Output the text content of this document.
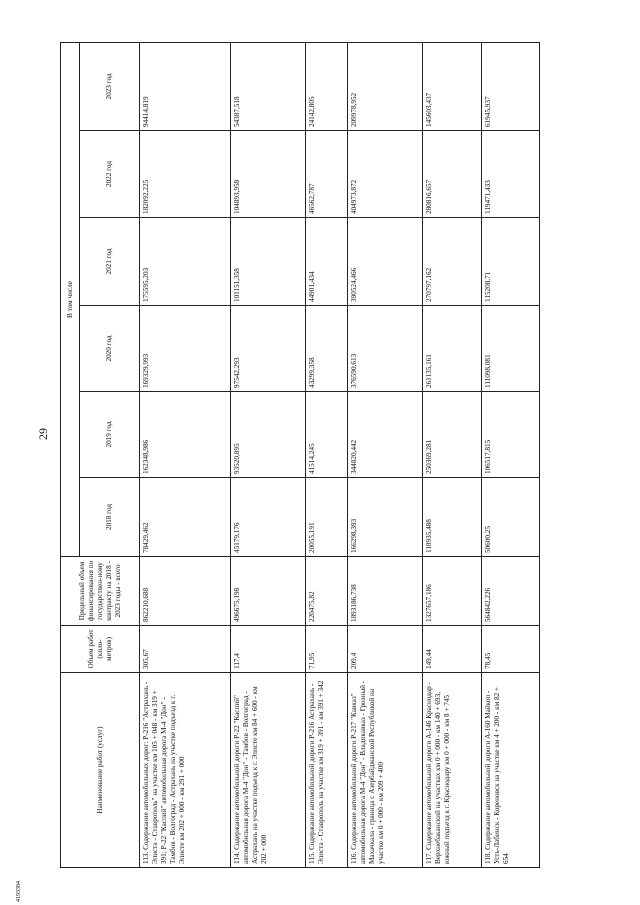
29
4193384
Наименование работ (услуг)	Объем работ (кило-метров)	Предельный объем финансирования по государствен-ному контракту на 2018 - 2023 годы - всего	В том числе					
			2018 год	2019 год	2020 год	2021 год	2022 год	2023 год
113. Содержание автомобильных дорог: Р-216 "Астрахань - Элиста - Ставрополь" на участке км 105 + 048 - км 319 + 391; Р-22 "Каспий" автомобильная дорога М-4 "Дон" - Тамбов - Волгоград - Астрахань на участке подъезд к г. Элисте км 202 + 000 - км 291 + 000	305,67	862210,688	78429,462	162348,986	169329,993	175595,203	182092,225	94414,819
114. Содержание автомобильной дороги Р-22 "Каспий" автомобильная дорога М-4 "Дон" - Тамбов - Волгоград - Астрахань на участке подъезд к г. Элисте км 84 + 600 - км 202 + 000	117,4	496675,198	45179,176	93520,895	97542,293	101151,358	104893,958	54387,518
115. Содержание автомобильной дороги Р-216 Астрахань - Элиста - Ставрополь на участке км 319 + 391 - км 391 + 342	71,95	220475,82	20055,191	41514,245	43299,358	44901,434	46562,787	24142,805
116. Содержание автомобильной дороги Р-217 "Кавказ" автомобильная дорога М-4 "Дон" - Владикавказ - Грозный - Махачкала - граница с Азербайджанской Республикой на участке км 0 + 000 - км 209 + 400	209,4	1893186,738	166298,393	344820,442	376590,613	390524,466	404973,872	209978,952
117. Содержание автомобильной дороги А-146 Краснодар - Верхнебаканский на участках км 0 + 000 - км 140 + 693, южный подъезд к г. Краснодару км 0 + 000 - км 8 + 745	149,44	1327657,186	118935,488	250369,281	261135,161	270797,162	280816,657	145603,437
118. Содержание автомобильной дороги А-160 Майкоп - Усть-Лабинск - Кореновск на участке км 4 + 200 - км 82 + 654	78,45	564842,226	50600,25	106517,815	111098,081	115208,71	119471,433	61945,937
